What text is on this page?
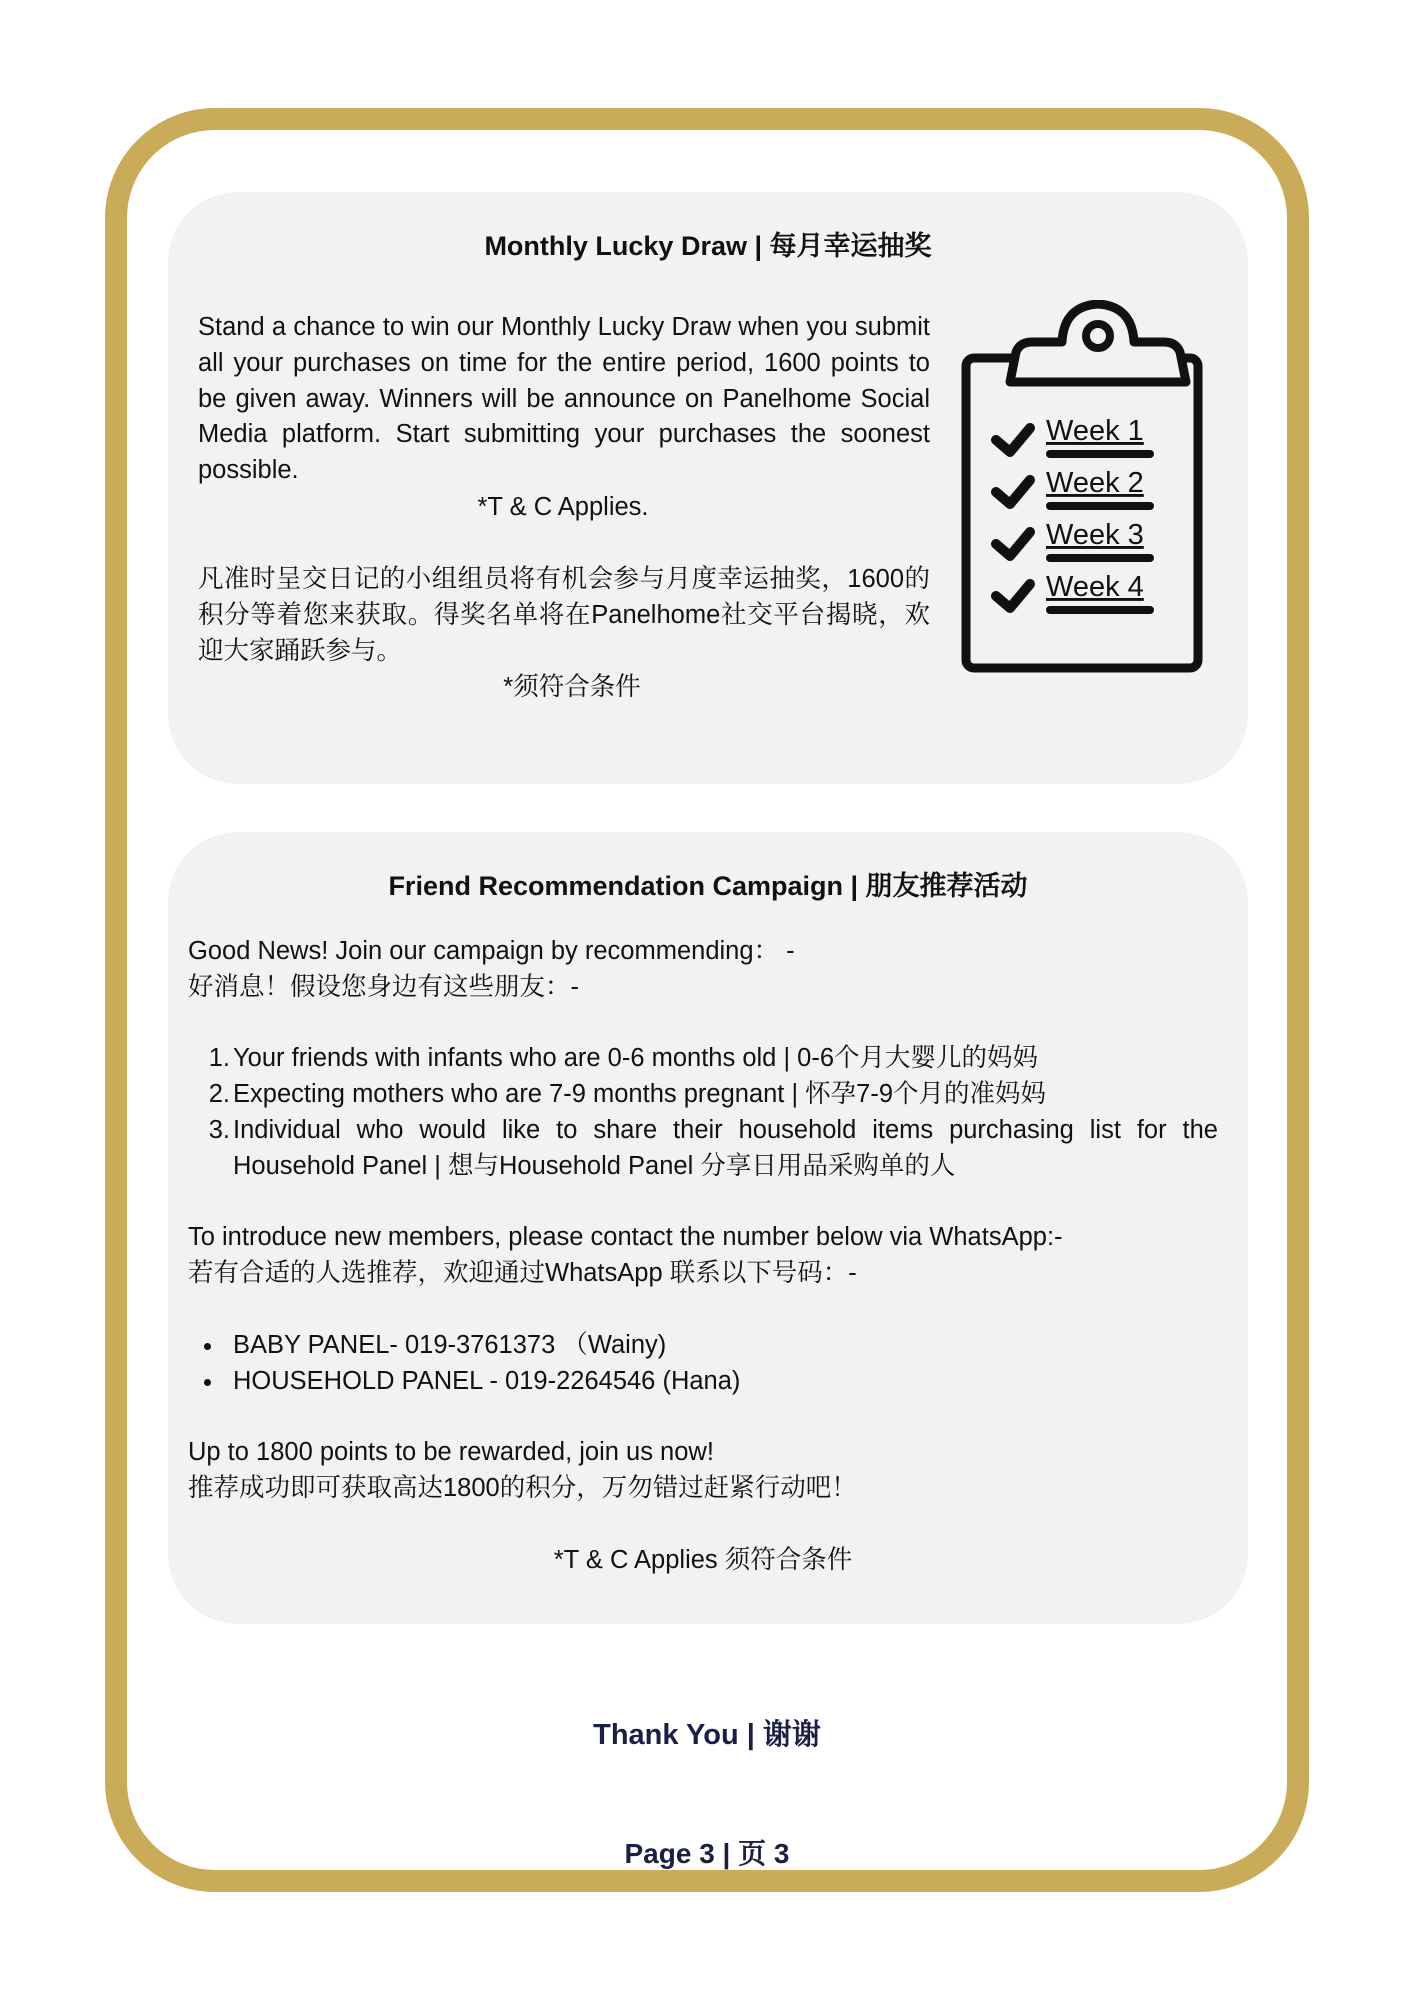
Monthly Lucky Draw | 每月幸运抽奖
Stand a chance to win our Monthly Lucky Draw when you submit all your purchases on time for the entire period, 1600 points to be given away. Winners will be announce on Panelhome Social Media platform. Start submitting your purchases the soonest possible.
*T & C Applies.
凡准时呈交日记的小组组员将有机会参与月度幸运抽奖，1600的积分等着您来获取。得奖名单将在Panelhome社交平台揭晓，欢迎大家踊跃参与。
*须符合条件
Week 1
Week 2
Week 3
Week 4
Friend Recommendation Campaign | 朋友推荐活动

Good News! Join our campaign by recommending： -

好消息！假设您身边有这些朋友：-

1. Your friends with infants who are 0-6 months old | 0-6个月大婴儿的妈妈
2. Expecting mothers who are 7-9 months pregnant | 怀孕7-9个月的准妈妈
3. Individual who would like to share their household items purchasing list for the Household Panel | 想与Household Panel 分享日用品采购单的人

To introduce new members, please contact the number below via WhatsApp:-

若有合适的人选推荐，欢迎通过WhatsApp 联系以下号码：-

BABY PANEL- 019-3761373 （Wainy)
HOUSEHOLD PANEL - 019-2264546 (Hana)

Up to 1800 points to be rewarded, join us now!

推荐成功即可获取高达1800的积分，万勿错过赶紧行动吧！

*T & C Applies 须符合条件

Thank You | 谢谢
Page 3 | 页 3
